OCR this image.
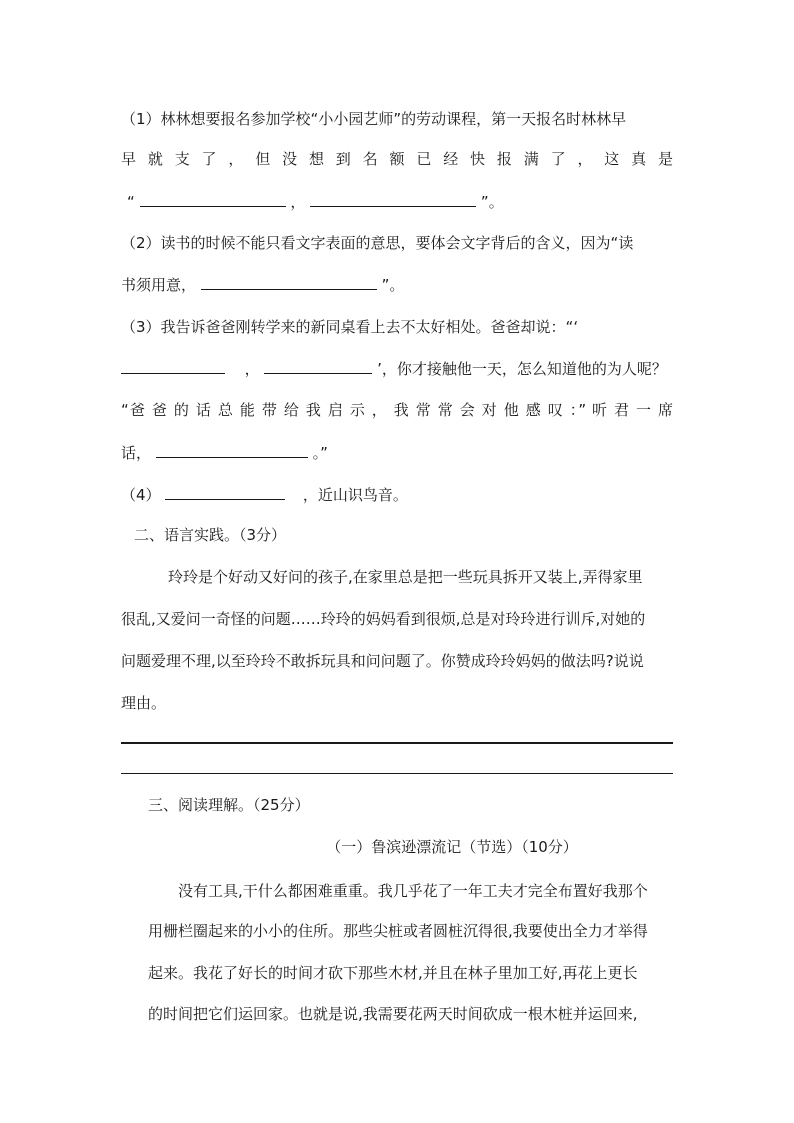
（1）林林想要报名参加学校“小小园艺师”的劳动课程，第一天报名时林林早
早 就 支 了 ， 但 没 想 到 名 额 已 经 快 报 满 了 ， 这 真 是
“	，	”。
（2）读书的时候不能只看文字表面的意思，要体会文字背后的含义，因为“读
书须用意，	”。
（3）我告诉爸爸刚转学来的新同桌看上去不太好相处。爸爸却说：“‘
，	’，你才接触他一天，怎么知道他的为人呢？
“爸 爸 的 话 总 能 带 给 我 启 示 ， 我 常 常 会 对 他 感 叹 ：” 听 君 一 席
话，	。”
（4）	，近山识鸟音。
二、语言实践。（3分）
玲玲是个好动又好问的孩子,在家里总是把一些玩具拆开又装上,弄得家里
很乱,又爱问一奇怪的问题……玲玲的妈妈看到很烦,总是对玲玲进行训斥,对她的
问题爱理不理,以至玲玲不敢拆玩具和问问题了。你赞成玲玲妈妈的做法吗?说说
理由。
三、阅读理解。（25分）
（一）鲁滨逊漂流记（节选）（10分）
没有工具,干什么都困难重重。我几乎花了一年工夫才完全布置好我那个
用栅栏圈起来的小小的住所。那些尖桩或者圆桩沉得很,我要使出全力才举得
起来。我花了好长的时间才砍下那些木材,并且在林子里加工好,再花上更长
的时间把它们运回家。也就是说,我需要花两天时间砍成一根木桩并运回来,
